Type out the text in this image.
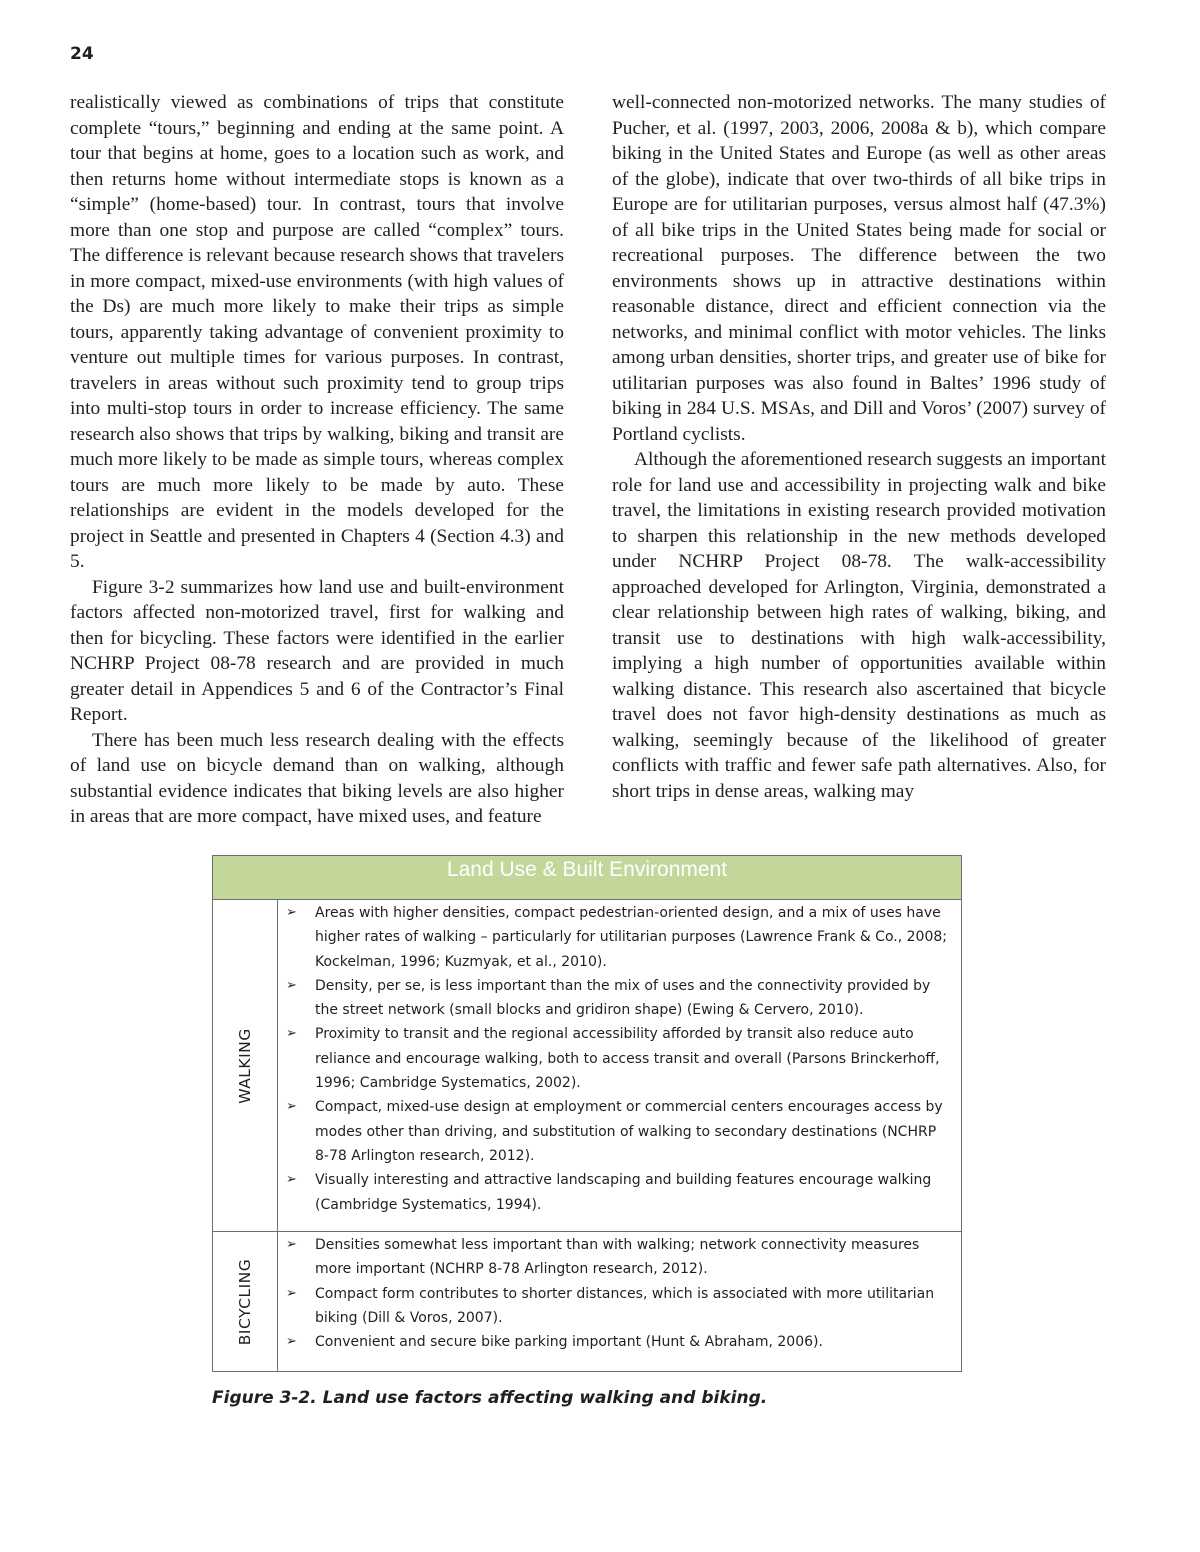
24

realistically viewed as combinations of trips that constitute complete “tours,” beginning and ending at the same point. A tour that begins at home, goes to a location such as work, and then returns home without intermediate stops is known as a “simple” (home-based) tour. In contrast, tours that involve more than one stop and purpose are called “complex” tours. The difference is relevant because research shows that travelers in more compact, mixed-use environments (with high values of the Ds) are much more likely to make their trips as simple tours, apparently taking advantage of convenient proximity to venture out multiple times for various purposes. In contrast, travelers in areas without such proximity tend to group trips into multi-stop tours in order to increase efficiency. The same research also shows that trips by walking, biking and transit are much more likely to be made as simple tours, whereas complex tours are much more likely to be made by auto. These relationships are evident in the models developed for the project in Seattle and presented in Chapters 4 (Section 4.3) and 5.

Figure 3-2 summarizes how land use and built-environment factors affected non-motorized travel, first for walking and then for bicycling. These factors were identified in the earlier NCHRP Project 08-78 research and are provided in much greater detail in Appendices 5 and 6 of the Contractor’s Final Report.

There has been much less research dealing with the effects of land use on bicycle demand than on walking, although substantial evidence indicates that biking levels are also higher in areas that are more compact, have mixed uses, and feature

well-connected non-motorized networks. The many studies of Pucher, et al. (1997, 2003, 2006, 2008a & b), which compare biking in the United States and Europe (as well as other areas of the globe), indicate that over two-thirds of all bike trips in Europe are for utilitarian purposes, versus almost half (47.3%) of all bike trips in the United States being made for social or recreational purposes. The difference between the two environments shows up in attractive destinations within reasonable distance, direct and efficient connection via the networks, and minimal conflict with motor vehicles. The links among urban densities, shorter trips, and greater use of bike for utilitarian purposes was also found in Baltes’ 1996 study of biking in 284 U.S. MSAs, and Dill and Voros’ (2007) survey of Portland cyclists.

Although the aforementioned research suggests an important role for land use and accessibility in projecting walk and bike travel, the limitations in existing research provided motivation to sharpen this relationship in the new methods developed under NCHRP Project 08-78. The walk-accessibility approached developed for Arlington, Virginia, demonstrated a clear relationship between high rates of walking, biking, and transit use to destinations with high walk-accessibility, implying a high number of opportunities available within walking distance. This research also ascertained that bicycle travel does not favor high-density destinations as much as walking, seemingly because of the likelihood of greater conflicts with traffic and fewer safe path alternatives. Also, for short trips in dense areas, walking may

Land Use & Built Environment
WALKING
➢	Areas with higher densities, compact pedestrian-oriented design, and a mix of uses have higher rates of walking – particularly for utilitarian purposes (Lawrence Frank & Co., 2008; Kockelman, 1996; Kuzmyak, et al., 2010).
➢	Density, per se, is less important than the mix of uses and the connectivity provided by the street network (small blocks and gridiron shape) (Ewing & Cervero, 2010).
➢	Proximity to transit and the regional accessibility afforded by transit also reduce auto reliance and encourage walking, both to access transit and overall (Parsons Brinckerhoff, 1996; Cambridge Systematics, 2002).
➢	Compact, mixed-use design at employment or commercial centers encourages access by modes other than driving, and substitution of walking to secondary destinations (NCHRP 8-78 Arlington research, 2012).
➢	Visually interesting and attractive landscaping and building features encourage walking (Cambridge Systematics, 1994).
BICYCLING
➢	Densities somewhat less important than with walking; network connectivity measures more important (NCHRP 8-78 Arlington research, 2012).
➢	Compact form contributes to shorter distances, which is associated with more utilitarian biking (Dill & Voros, 2007).
➢	Convenient and secure bike parking important (Hunt & Abraham, 2006).
Figure 3-2. Land use factors affecting walking and biking.
